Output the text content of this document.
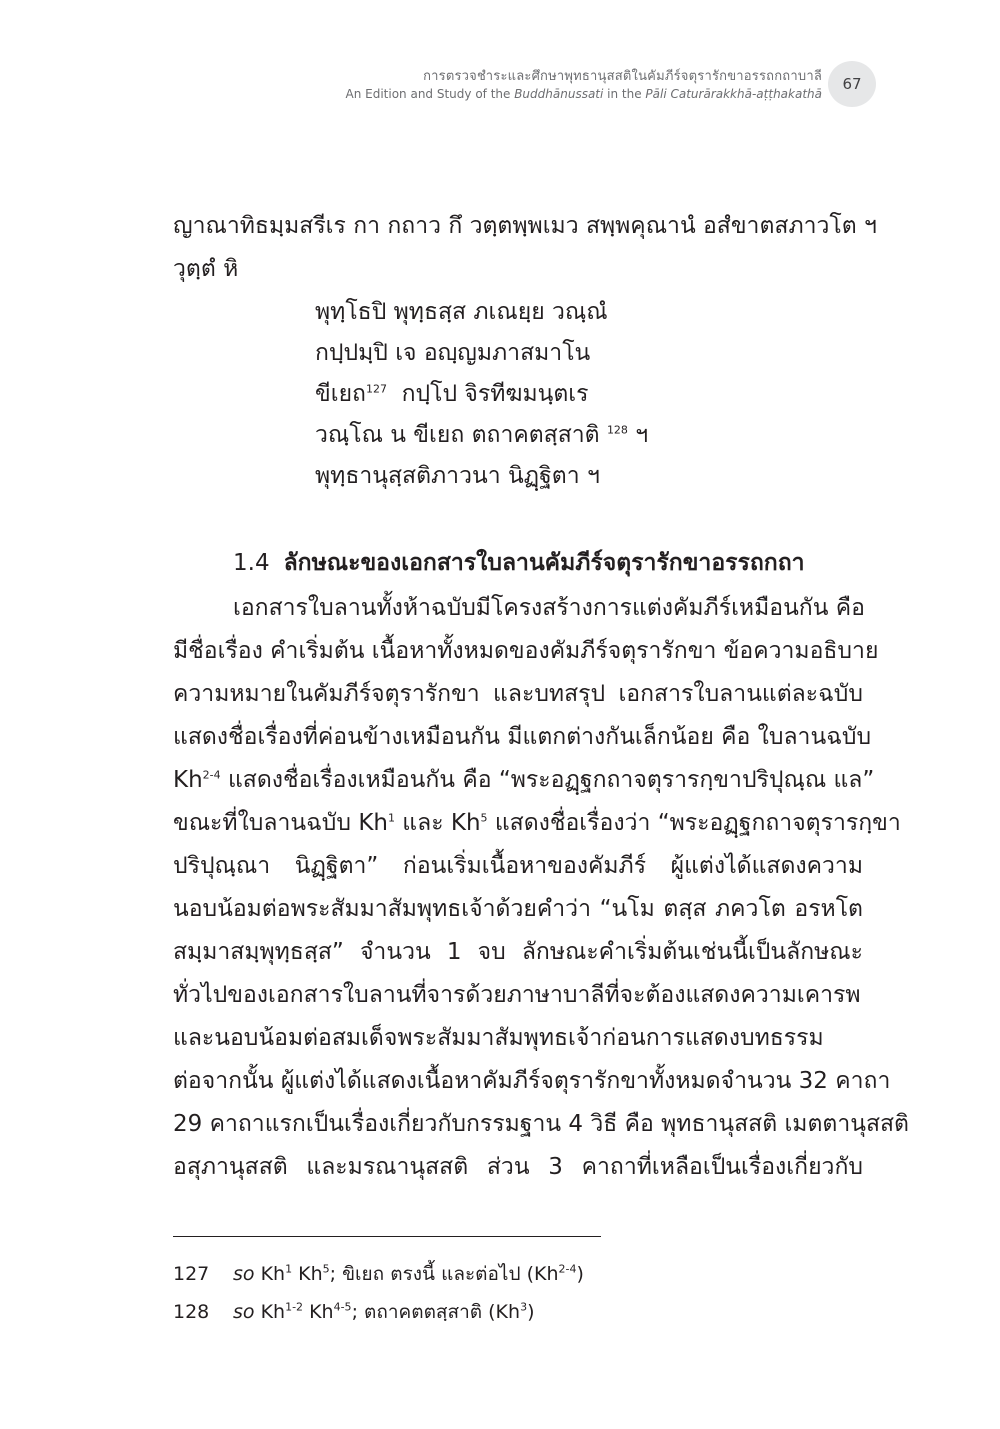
การตรวจชำระและศึกษาพุทธานุสสติในคัมภีร์จตุรารักขาอรรถกถาบาลี
An Edition and Study of the Buddhānussati in the Pāli Caturārakkhā-aṭṭhakathā
67
ญาณาทิธมฺมสรีเร กา กถาว กึ วตฺตพฺพเมว สพฺพคุณานํ อสํขาตสภาวโต ฯ
วุตฺตํ หิ
พุทฺโธปิ พุทฺธสฺส ภเณยฺย วณฺณํ
กปฺปมฺปิ เจ อญฺญมภาสมาโน
ขีเยถ$^{127}$  กปฺโป จิรทีฆมนฺตเร
วณฺโณ น ขีเยถ ตถาคตสฺสาติ $^{128}$ ฯ
พุทฺธานุสฺสติภาวนา นิฏฺฐิตา ฯ
1.4 ลักษณะของเอกสารใบลานคัมภีร์จตุรารักขาอรรถกถา
เอกสารใบลานทั้งห้าฉบับมีโครงสร้างการแต่งคัมภีร์เหมือนกัน คือ
มีชื่อเรื่อง คำเริ่มต้น เนื้อหาทั้งหมดของคัมภีร์จตุรารักขา ข้อความอธิบาย
ความหมายในคัมภีร์จตุรารักขา และบทสรุป เอกสารใบลานแต่ละฉบับ
แสดงชื่อเรื่องที่ค่อนข้างเหมือนกัน มีแตกต่างกันเล็กน้อย คือ ใบลานฉบับ
Kh$^{2-4}$ แสดงชื่อเรื่องเหมือนกัน คือ “พระอฏฺฐกถาจตุรารกฺขาปริปุณฺณ แล”
ขณะที่ใบลานฉบับ Kh$^1$ และ Kh$^5$ แสดงชื่อเรื่องว่า “พระอฏฺฐกถาจตุรารกฺขา
ปริปุณฺณา นิฏฺฐิตา” ก่อนเริ่มเนื้อหาของคัมภีร์ ผู้แต่งได้แสดงความ
นอบน้อมต่อพระสัมมาสัมพุทธเจ้าด้วยคำว่า “นโม ตสฺส ภควโต อรหโต
สมฺมาสมฺพุทฺธสฺส” จำนวน 1 จบ ลักษณะคำเริ่มต้นเช่นนี้เป็นลักษณะ
ทั่วไปของเอกสารใบลานที่จารด้วยภาษาบาลีที่จะต้องแสดงความเคารพ
และนอบน้อมต่อสมเด็จพระสัมมาสัมพุทธเจ้าก่อนการแสดงบทธรรม
ต่อจากนั้น ผู้แต่งได้แสดงเนื้อหาคัมภีร์จตุรารักขาทั้งหมดจำนวน 32 คาถา
29 คาถาแรกเป็นเรื่องเกี่ยวกับกรรมฐาน 4 วิธี คือ พุทธานุสสติ เมตตานุสสติ
อสุภานุสสติ และมรณานุสสติ ส่วน 3 คาถาที่เหลือเป็นเรื่องเกี่ยวกับ
127 so Kh$^1$ Kh$^5$; ขิเยถ ตรงนี้ และต่อไป (Kh$^{2-4}$)
128 so Kh$^{1-2}$ Kh$^{4-5}$; ตถาคตตสฺสาติ (Kh$^3$)
